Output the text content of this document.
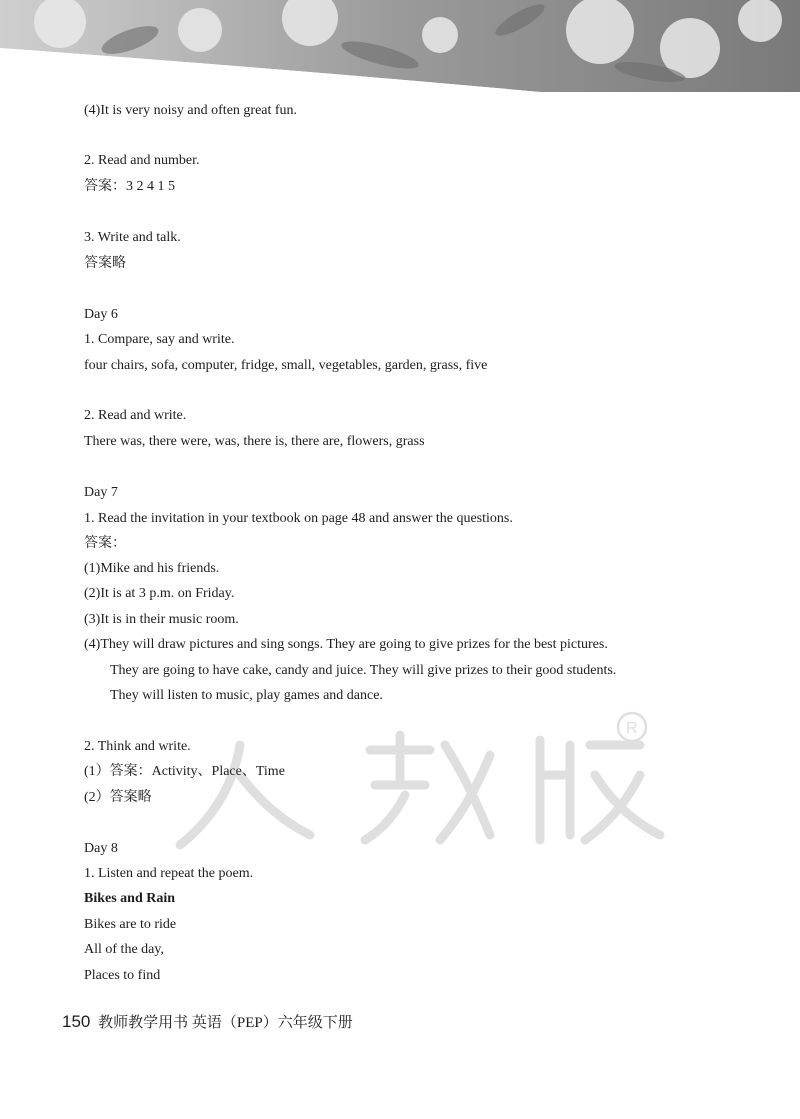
(4)It is very noisy and often great fun.
2. Read and number.
答案：3 2 4 1 5
3. Write and talk.
答案略
Day 6
1. Compare, say and write.
four chairs, sofa, computer, fridge, small, vegetables, garden, grass, five
2. Read and write.
There was, there were, was, there is, there are, flowers, grass
Day 7
1. Read the invitation in your textbook on page 48 and answer the questions.
答案：
(1)Mike and his friends.
(2)It is at 3 p.m. on Friday.
(3)It is in their music room.
(4)They will draw pictures and sing songs. They are going to give prizes for the best pictures.
They are going to have cake, candy and juice. They will give prizes to their good students.
They will listen to music, play games and dance.
2. Think and write.
(1）答案：Activity、Place、Time
(2）答案略
Day 8
1. Listen and repeat the poem.
Bikes and Rain
Bikes are to ride
All of the day,
Places to find
R
150 教师教学用书 英语（PEP）六年级下册
